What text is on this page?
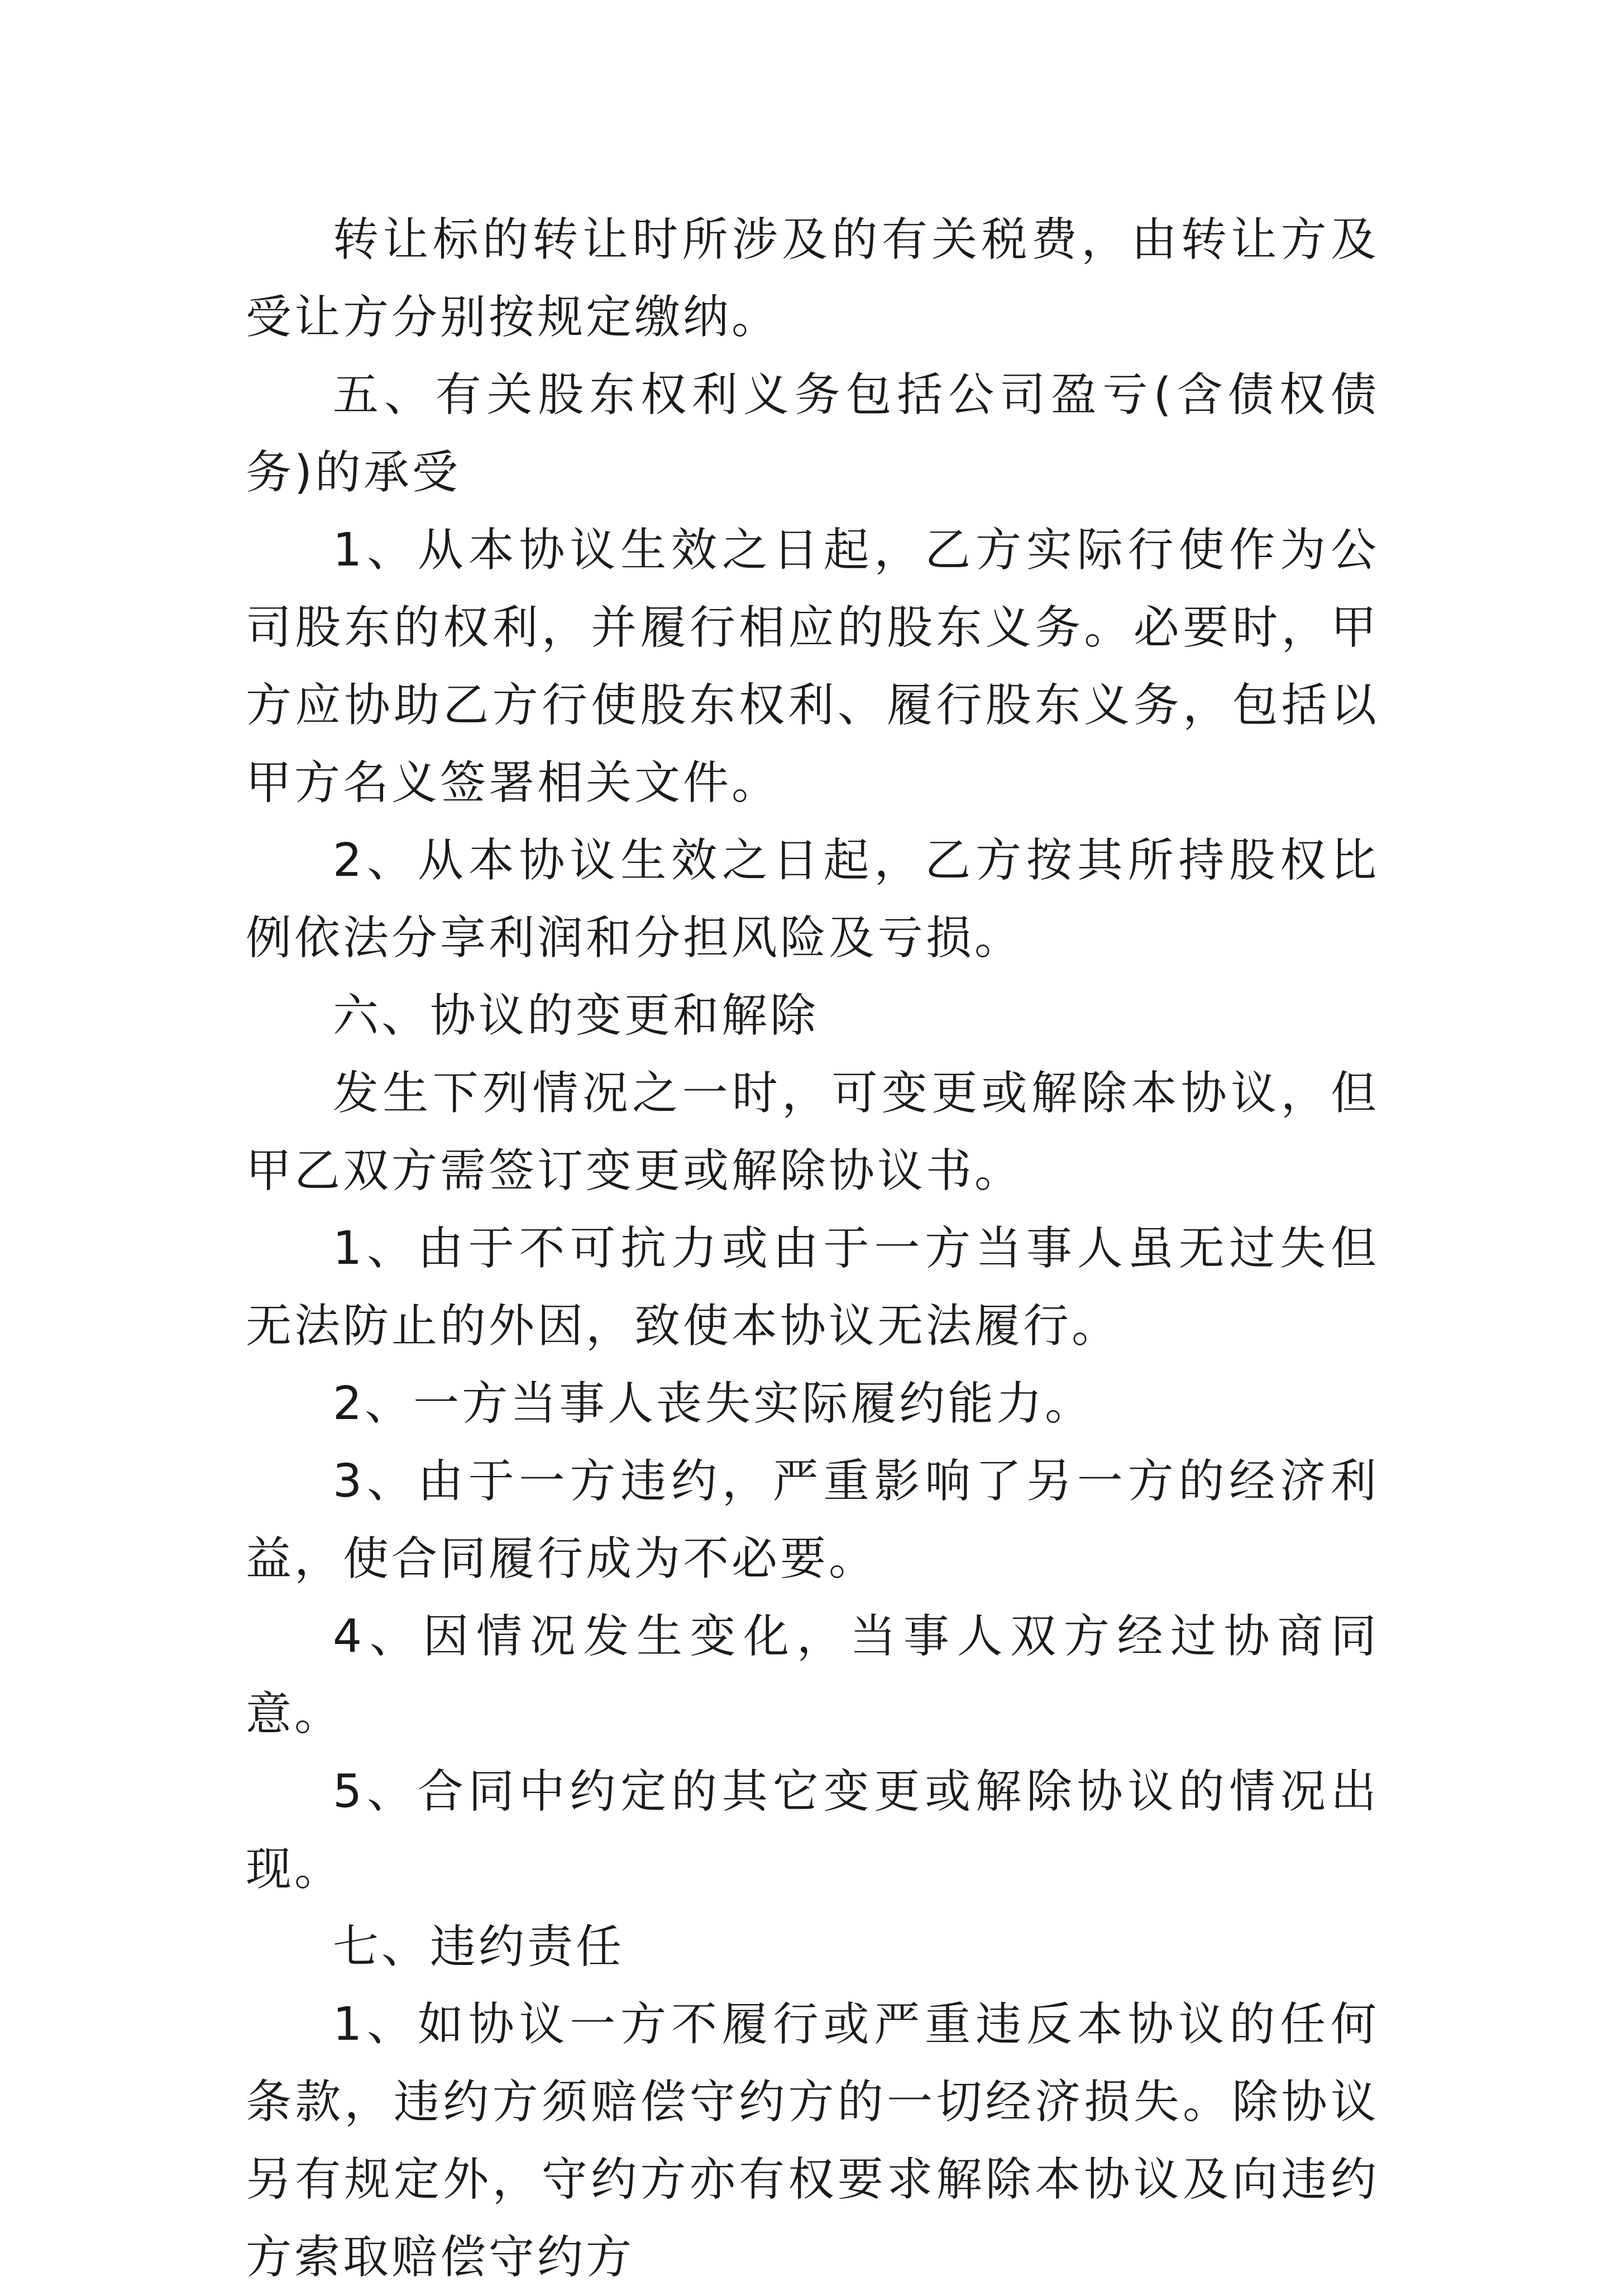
转让标的转让时所涉及的有关税费，由转让方及受让方分别按规定缴纳。

五、有关股东权利义务包括公司盈亏(含债权债务)的承受

1、从本协议生效之日起，乙方实际行使作为公司股东的权利，并履行相应的股东义务。必要时，甲方应协助乙方行使股东权利、履行股东义务，包括以甲方名义签署相关文件。

2、从本协议生效之日起，乙方按其所持股权比例依法分享利润和分担风险及亏损。

六、协议的变更和解除

发生下列情况之一时，可变更或解除本协议，但甲乙双方需签订变更或解除协议书。

1、由于不可抗力或由于一方当事人虽无过失但无法防止的外因，致使本协议无法履行。

2、一方当事人丧失实际履约能力。

3、由于一方违约，严重影响了另一方的经济利益，使合同履行成为不必要。

4、因情况发生变化，当事人双方经过协商同意。

5、合同中约定的其它变更或解除协议的情况出现。

七、违约责任

1、如协议一方不履行或严重违反本协议的任何条款，违约方须赔偿守约方的一切经济损失。除协议另有规定外，守约方亦有权要求解除本协议及向违约方索取赔偿守约方
